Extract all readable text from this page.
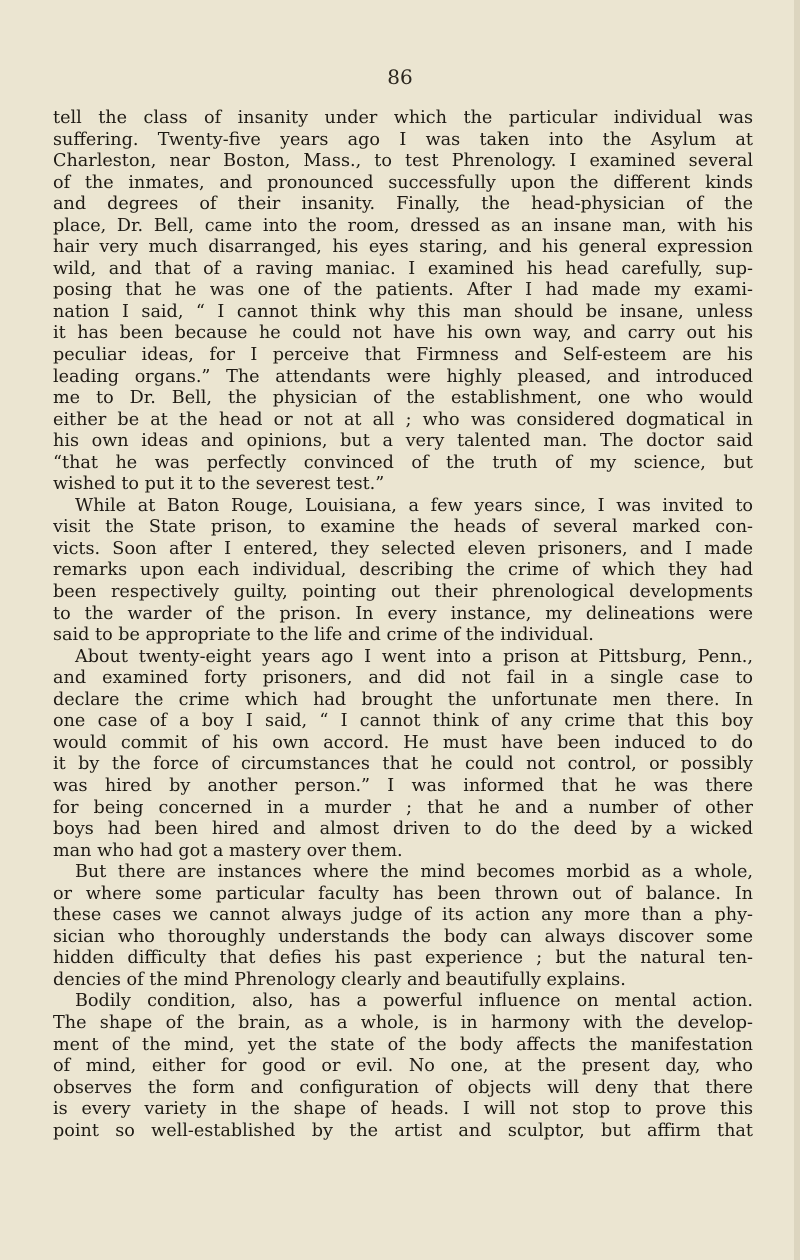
86
tell the class of insanity under which the particular individual was
suffering. Twenty-five years ago I was taken into the Asylum at
Charleston, near Boston, Mass., to test Phrenology. I examined several
of the inmates, and pronounced successfully upon the different kinds
and degrees of their insanity. Finally, the head-physician of the
place, Dr. Bell, came into the room, dressed as an insane man, with his
hair very much disarranged, his eyes staring, and his general expression
wild, and that of a raving maniac. I examined his head carefully, sup-
posing that he was one of the patients. After I had made my exami-
nation I said, “ I cannot think why this man should be insane, unless
it has been because he could not have his own way, and carry out his
peculiar ideas, for I perceive that Firmness and Self-esteem are his
leading organs.” The attendants were highly pleased, and introduced
me to Dr. Bell, the physician of the establishment, one who would
either be at the head or not at all ; who was considered dogmatical in
his own ideas and opinions, but a very talented man. The doctor said
“that he was perfectly convinced of the truth of my science, but
wished to put it to the severest test.”
While at Baton Rouge, Louisiana, a few years since, I was invited to
visit the State prison, to examine the heads of several marked con-
victs. Soon after I entered, they selected eleven prisoners, and I made
remarks upon each individual, describing the crime of which they had
been respectively guilty, pointing out their phrenological developments
to the warder of the prison. In every instance, my delineations were
said to be appropriate to the life and crime of the individual.
About twenty-eight years ago I went into a prison at Pittsburg, Penn.,
and examined forty prisoners, and did not fail in a single case to
declare the crime which had brought the unfortunate men there. In
one case of a boy I said, “ I cannot think of any crime that this boy
would commit of his own accord. He must have been induced to do
it by the force of circumstances that he could not control, or possibly
was hired by another person.” I was informed that he was there
for being concerned in a murder ; that he and a number of other
boys had been hired and almost driven to do the deed by a wicked
man who had got a mastery over them.
But there are instances where the mind becomes morbid as a whole,
or where some particular faculty has been thrown out of balance. In
these cases we cannot always judge of its action any more than a phy-
sician who thoroughly understands the body can always discover some
hidden difficulty that defies his past experience ; but the natural ten-
dencies of the mind Phrenology clearly and beautifully explains.
Bodily condition, also, has a powerful influence on mental action.
The shape of the brain, as a whole, is in harmony with the develop-
ment of the mind, yet the state of the body affects the manifestation
of mind, either for good or evil. No one, at the present day, who
observes the form and configuration of objects will deny that there
is every variety in the shape of heads. I will not stop to prove this
point so well-established by the artist and sculptor, but affirm that
